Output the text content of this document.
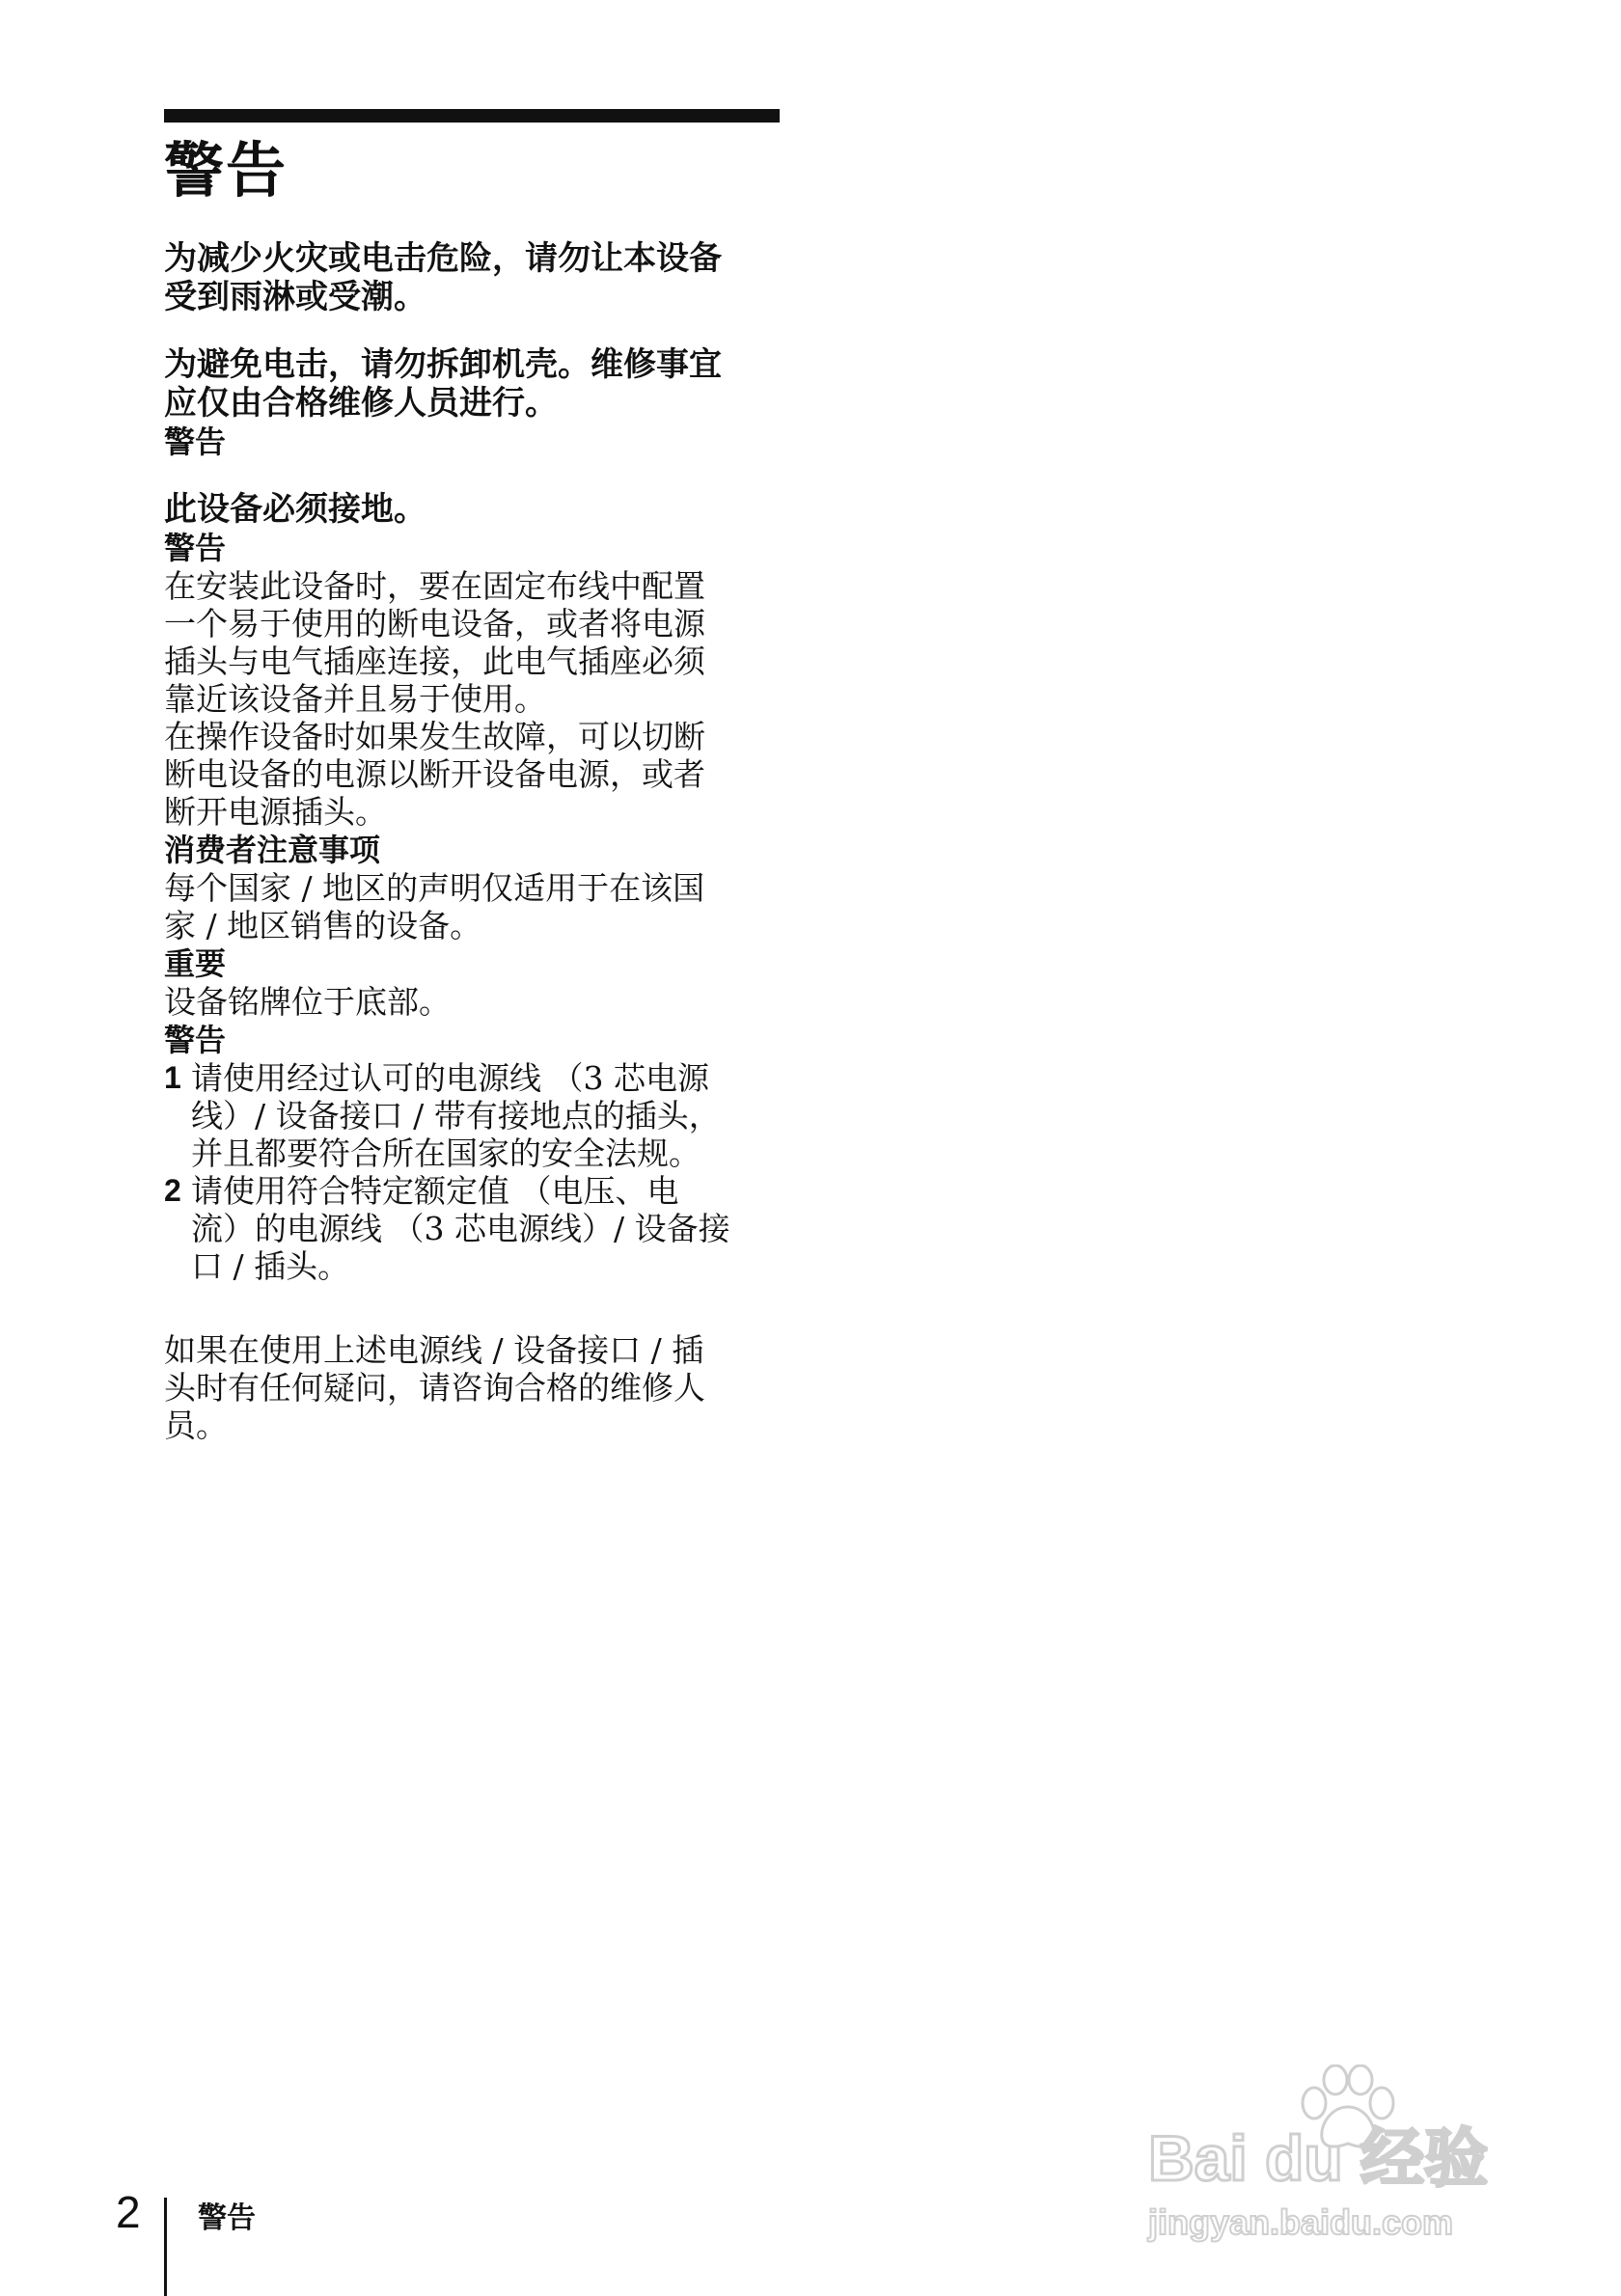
警告

为减少火灾或电击危险，请勿让本设备
受到雨淋或受潮。

为避免电击，请勿拆卸机壳。维修事宜
应仅由合格维修人员进行。

警告

此设备必须接地。

警告

在安装此设备时，要在固定布线中配置
一个易于使用的断电设备，或者将电源
插头与电气插座连接，此电气插座必须
靠近该设备并且易于使用。
在操作设备时如果发生故障，可以切断
断电设备的电源以断开设备电源，或者
断开电源插头。

消费者注意事项

每个国家 / 地区的声明仅适用于在该国
家 / 地区销售的设备。

重要

设备铭牌位于底部。

警告

1 请使用经过认可的电源线 （3 芯电源
线）/ 设备接口 / 带有接地点的插头，
并且都要符合所在国家的安全法规。
2 请使用符合特定额定值 （电压、电
流）的电源线 （3 芯电源线）/ 设备接
口 / 插头。

如果在使用上述电源线 / 设备接口 / 插
头时有任何疑问，请咨询合格的维修人
员。

2 警告
Bai du 经验
jingyan.baidu.com
